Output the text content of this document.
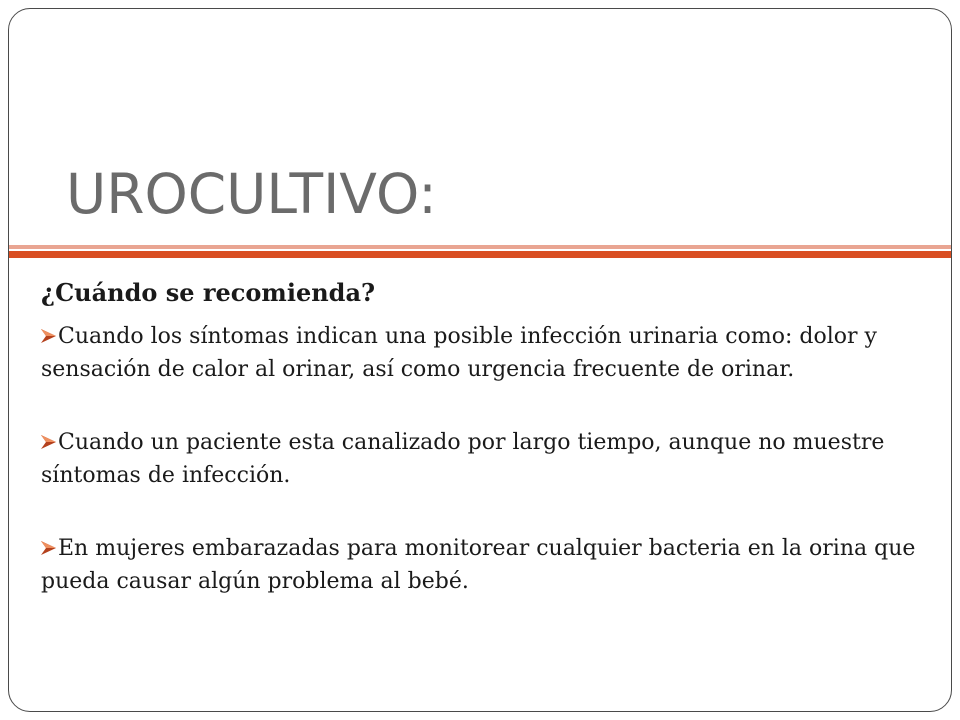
UROCULTIVO:

¿Cuándo se recomienda?

Cuando los síntomas indican una posible infección urinaria como: dolor y sensación de calor al orinar, así como urgencia frecuente de orinar.

Cuando un paciente esta canalizado por largo tiempo, aunque no muestre síntomas de infección.

En mujeres embarazadas para monitorear cualquier bacteria en la orina que pueda causar algún problema al bebé.
